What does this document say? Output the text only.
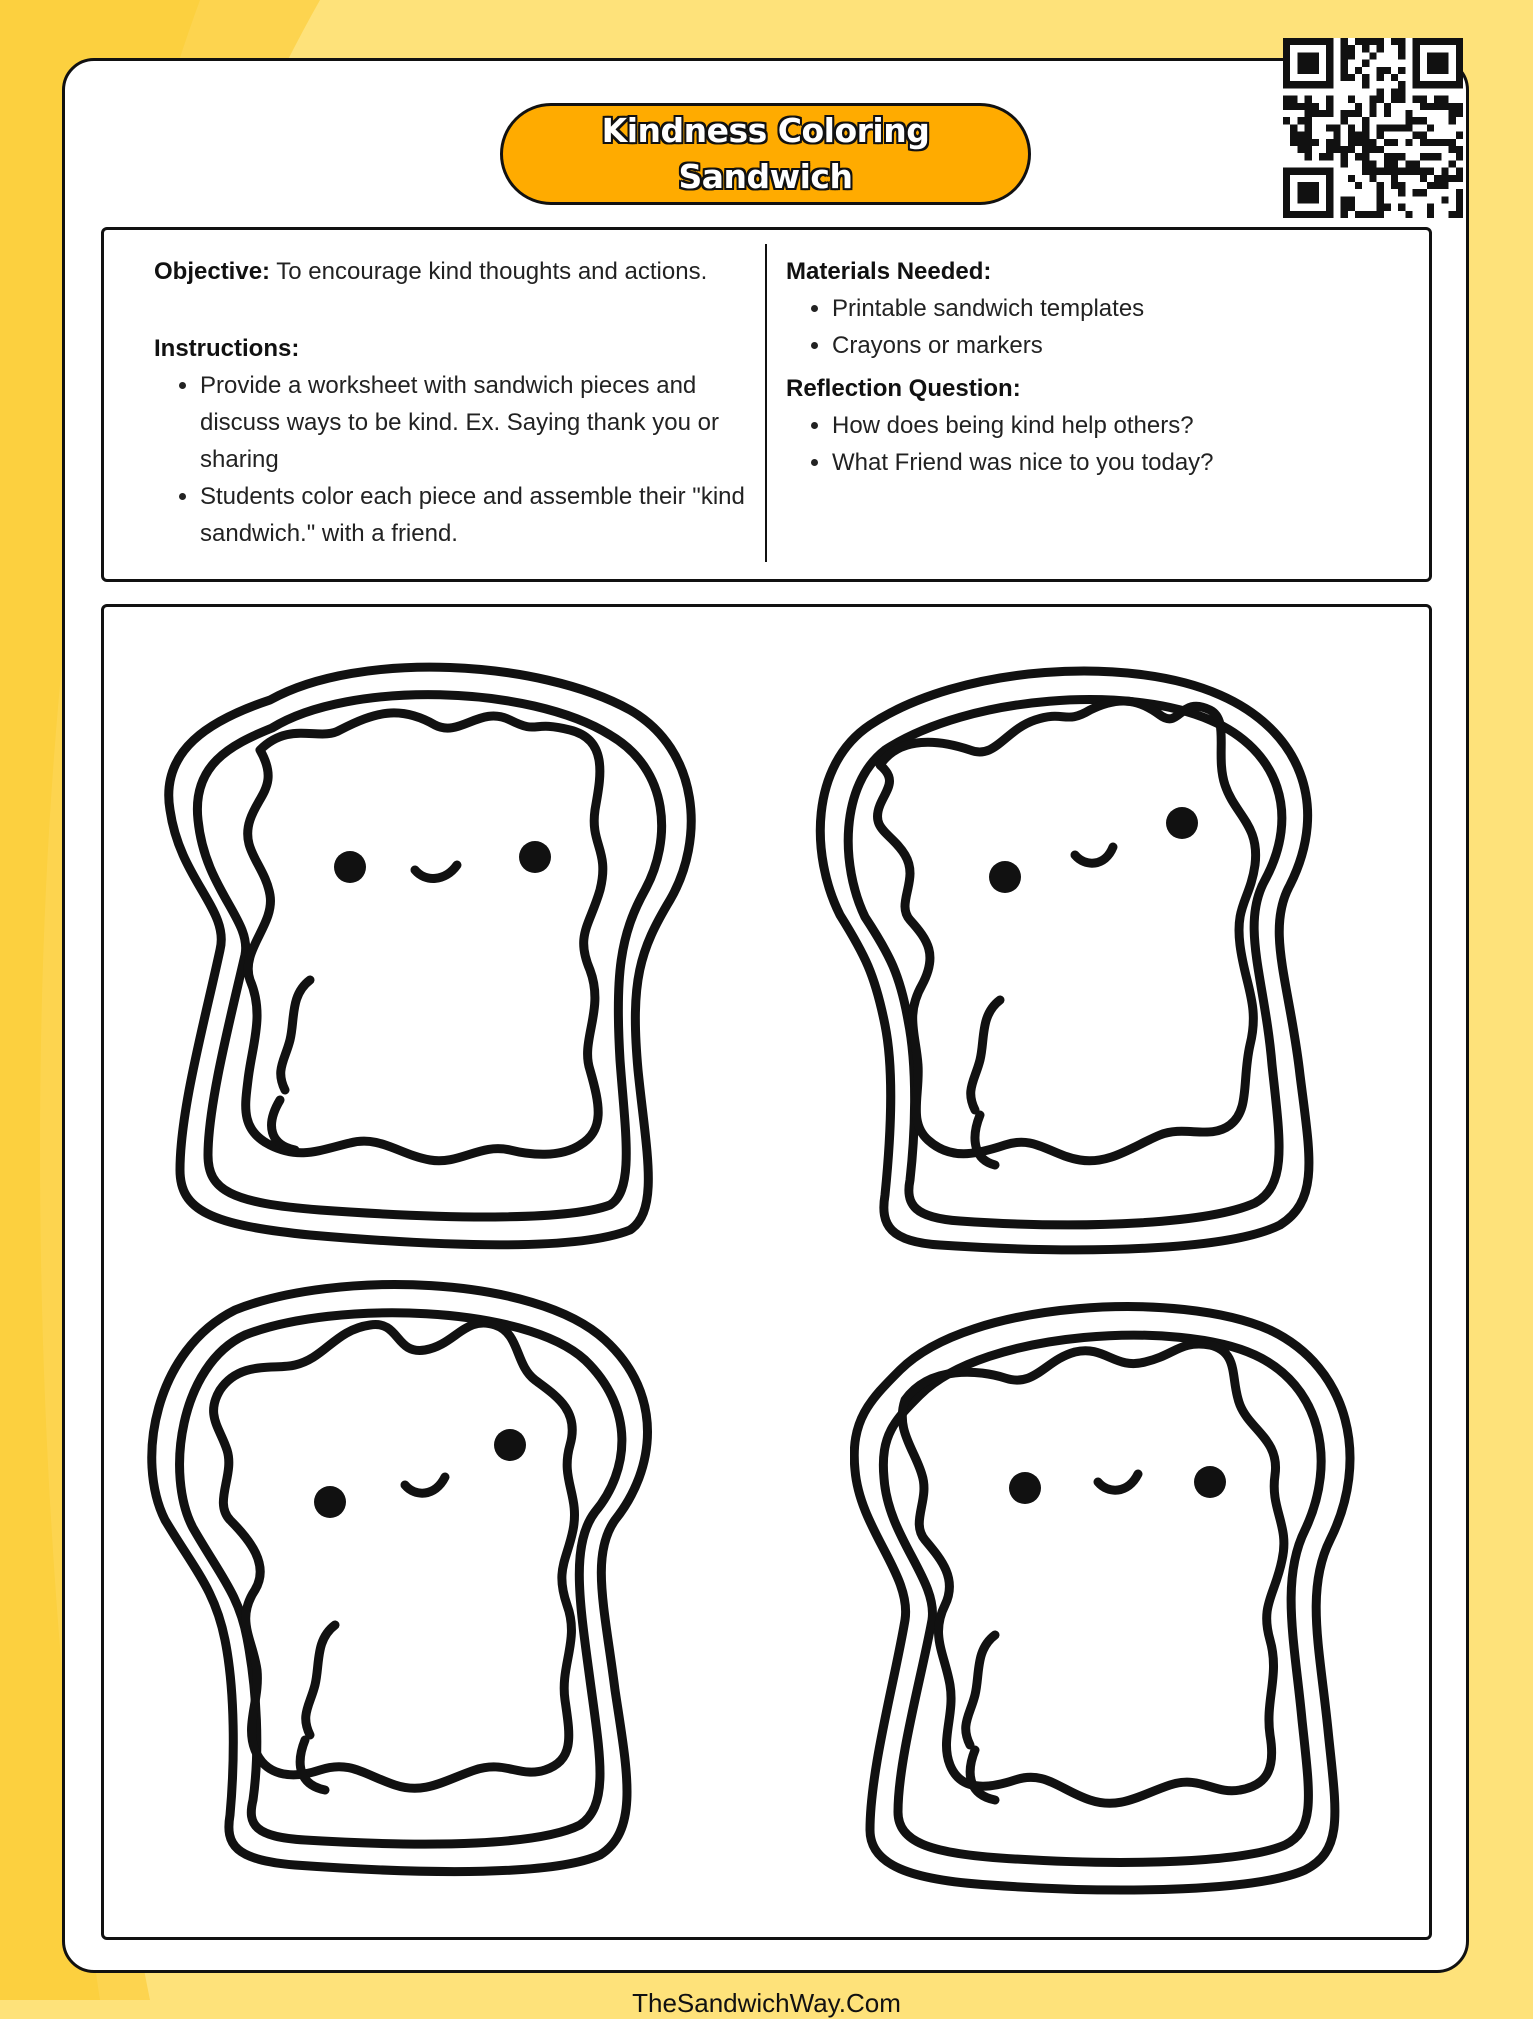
Kindness Coloring
Sandwich

Objective: To encourage kind thoughts and actions.

Instructions:

• Provide a worksheet with sandwich pieces and discuss ways to be kind. Ex. Saying thank you or sharing
• Students color each piece and assemble their "kind sandwich." with a friend.

Materials Needed:

• Printable sandwich templates
• Crayons or markers

Reflection Question:

• How does being kind help others?
• What Friend was nice to you today?
TheSandwichWay.Com
